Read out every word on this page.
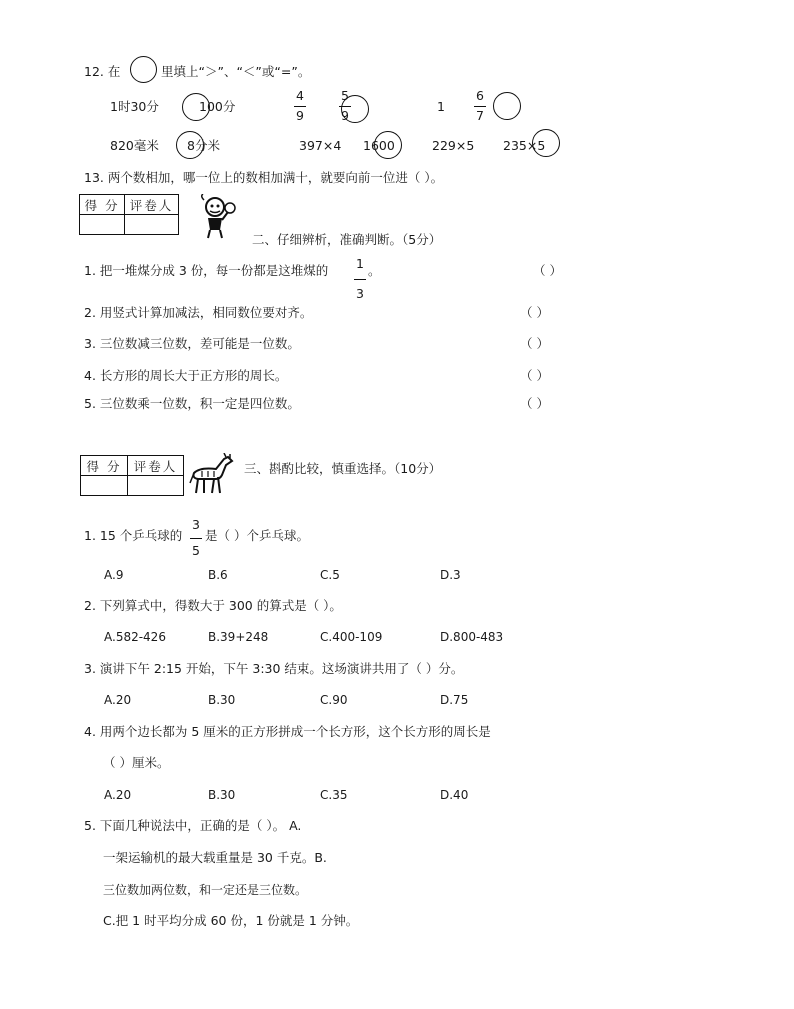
12. 在	里填上“＞”、“＜”或“=”。
1时30分	100分
4
9
5
9
1
6
7
820毫米 8分米	397×4 1600	229×5 235×5
13. 两个数相加，哪一位上的数相加满十，就要向前一位进（ ）。
得 分	评卷人

二、仔细辨析，准确判断。（5分）
1. 把一堆煤分成 3 份，每一份都是这堆煤的 1
3
。	（ ）
2. 用竖式计算加减法，相同数位要对齐。	（ ）
3. 三位数减三位数，差可能是一位数。	（ ）
4. 长方形的周长大于正方形的周长。	（ ）
5. 三位数乘一位数，积一定是四位数。	（ ）
得 分	评卷人
		三、斟酌比较，慎重选择。（10分）
1. 15 个乒乓球的
3
5
是（ ）个乒乓球。
A.9	B.6	C.5	D.3
2. 下列算式中，得数大于 300 的算式是（ ）。
A.582-426	B.39+248	C.400-109	D.800-483
3. 演讲下午 2:15 开始，下午 3:30 结束。这场演讲共用了（ ）分。
A.20	B.30	C.90	D.75
4. 用两个边长都为 5 厘米的正方形拼成一个长方形，这个长方形的周长是
（ ）厘米。
A.20	B.30	C.35	D.40
5. 下面几种说法中，正确的是（ ）。 A.
一架运输机的最大载重量是 30 千克。B.
三位数加两位数，和一定还是三位数。
C.把 1 时平均分成 60 份，1 份就是 1 分钟。
